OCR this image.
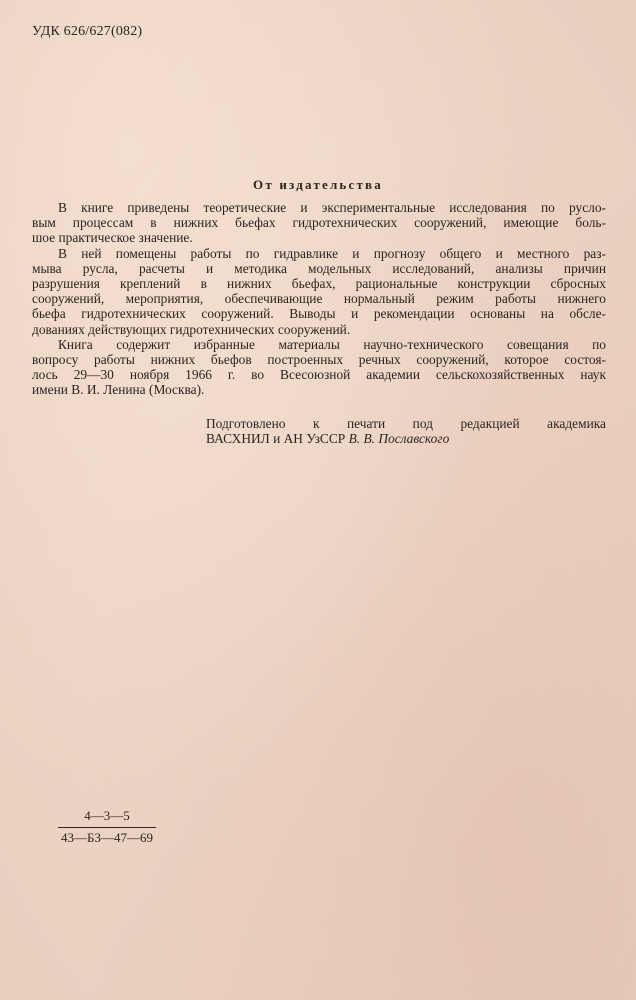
УДК 626/627(082)
От издательства
В книге приведены теоретические и экспериментальные исследования по русло-
вым процессам в нижних бьефах гидротехнических сооружений, имеющие боль-
шое практическое значение.
В ней помещены работы по гидравлике и прогнозу общего и местного раз-
мыва русла, расчеты и методика модельных исследований, анализы причин
разрушения креплений в нижних бьефах, рациональные конструкции сбросных
сооружений, мероприятия, обеспечивающие нормальный режим работы нижнего
бьефа гидротехнических сооружений. Выводы и рекомендации основаны на обсле-
дованиях действующих гидротехнических сооружений.
Книга содержит избранные материалы научно-технического совещания по
вопросу работы нижних бьефов построенных речных сооружений, которое состоя-
лось 29—30 ноября 1966 г. во Всесоюзной академии сельскохозяйственных наук
имени В. И. Ленина (Москва).
Подготовлено к печати под редакцией академика
ВАСХНИЛ и АН УзССР В. В. Пославского
4—3—5
43—БЗ—47—69
